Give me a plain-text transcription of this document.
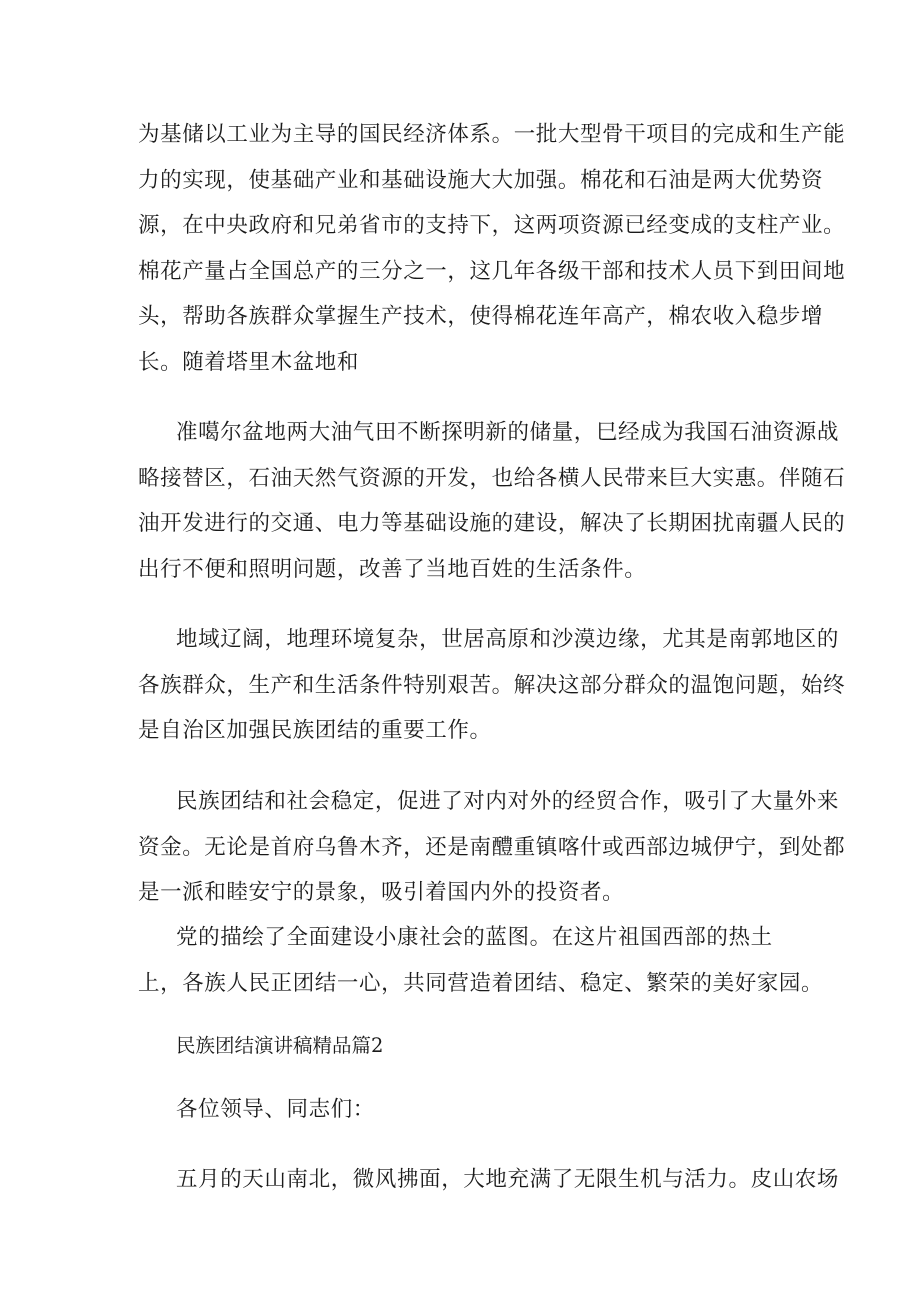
为基储以工业为主导的国民经济体系。一批大型骨干项目的完成和生产能
力的实现，使基础产业和基础设施大大加强。棉花和石油是两大优势资
源，在中央政府和兄弟省市的支持下，这两项资源已经变成的支柱产业。
棉花产量占全国总产的三分之一，这几年各级干部和技术人员下到田间地
头，帮助各族群众掌握生产技术，使得棉花连年高产，棉农收入稳步增
长。随着塔里木盆地和
准噶尔盆地两大油气田不断探明新的储量，巳经成为我国石油资源战
略接替区，石油天然气资源的开发，也给各横人民带来巨大实惠。伴随石
油开发进行的交通、电力等基础设施的建设，解决了长期困扰南疆人民的
出行不便和照明问题，改善了当地百姓的生活条件。
地域辽阔，地理环境复杂，世居高原和沙漠边缘，尤其是南郭地区的
各族群众，生产和生活条件特别艰苦。解决这部分群众的温饱问题，始终
是自治区加强民族团结的重要工作。
民族团结和社会稳定，促进了对内对外的经贸合作，吸引了大量外来
资金。无论是首府乌鲁木齐，还是南醴重镇喀什或西部边城伊宁，到处都
是一派和睦安宁的景象，吸引着国内外的投资者。
党的描绘了全面建设小康社会的蓝图。在这片祖国西部的热土
上，各族人民正团结一心，共同营造着团结、稳定、繁荣的美好家园。
民族团结演讲稿精品篇2
各位领导、同志们：
五月的天山南北，微风拂面，大地充满了无限生机与活力。皮山农场
